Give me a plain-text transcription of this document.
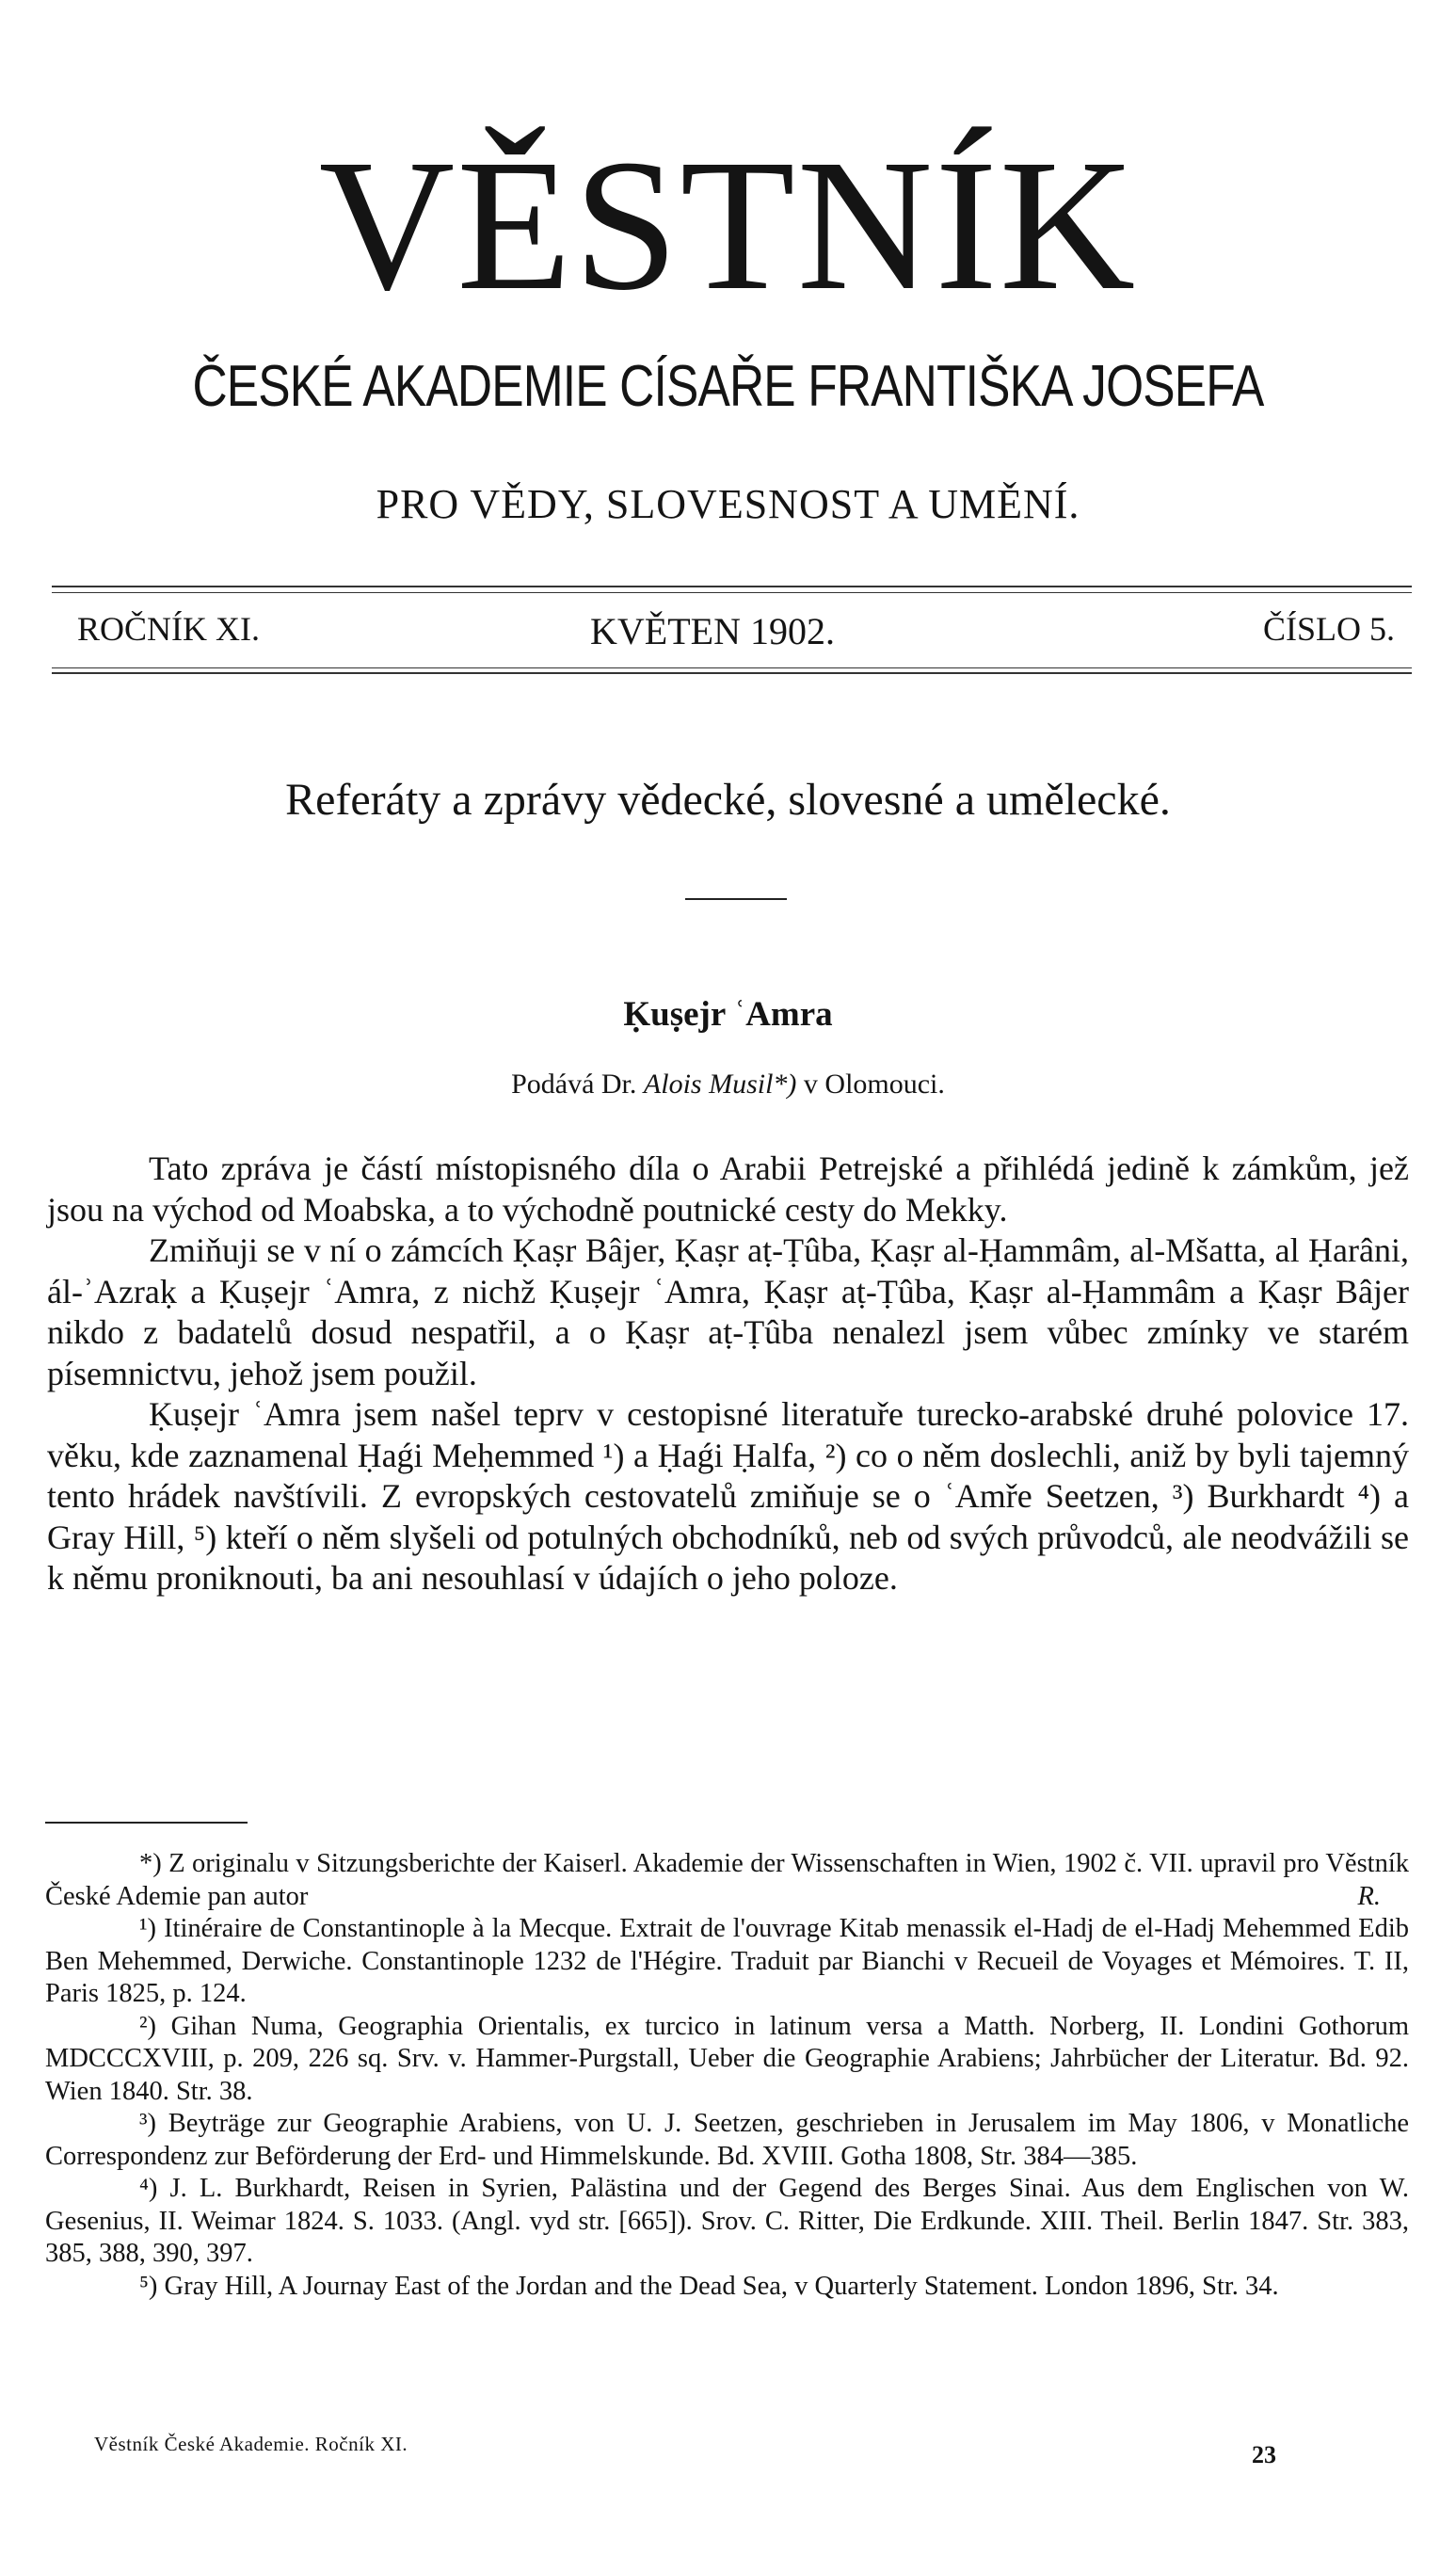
VĚSTNÍK
ČESKÉ AKADEMIE CÍSAŘE FRANTIŠKA JOSEFA
PRO VĚDY, SLOVESNOST A UMĚNÍ.
ROČNÍK XI.	KVĚTEN 1902.	ČÍSLO 5.
Referáty a zprávy vědecké, slovesné a umělecké.
Ḳuṣejr ʿAmra
Podává Dr. Alois Musil*) v Olomouci.

Tato zpráva je částí místopisného díla o Arabii Petrejské a přihlédá jedině k zámkům, jež jsou na východ od Moabska, a to východně poutnické cesty do Mekky.

Zmiňuji se v ní o zámcích Ḳaṣr Bâjer, Ḳaṣr aṭ-Ṭûba, Ḳaṣr al-Ḥammâm, al-Mšatta, al Ḥarâni, ál-ʾAzraḳ a Ḳuṣejr ʿAmra, z nichž Ḳuṣejr ʿAmra, Ḳaṣr aṭ-Ṭûba, Ḳaṣr al-Ḥammâm a Ḳaṣr Bâjer nikdo z badatelů dosud nespatřil, a o Ḳaṣr aṭ-Ṭûba nenalezl jsem vůbec zmínky ve starém písemnictvu, jehož jsem použil.

Ḳuṣejr ʿAmra jsem našel teprv v cestopisné literatuře turecko-arabské druhé polovice 17. věku, kde zaznamenal Ḥaǵi Meḥemmed ¹) a Ḥaǵi Ḥalfa, ²) co o něm doslechli, aniž by byli tajemný tento hrádek navštívili. Z evropských cestovatelů zmiňuje se o ʿAmře Seetzen, ³) Burkhardt ⁴) a Gray Hill, ⁵) kteří o něm slyšeli od potulných obchodníků, neb od svých průvodců, ale neodvážili se k němu proniknouti, ba ani nesouhlasí v údajích o jeho poloze.

*) Z originalu v Sitzungsberichte der Kaiserl. Akademie der Wissenschaften in Wien, 1902 č. VII. upravil pro Věstník České Ademie pan autor	R.

¹) Itinéraire de Constantinople à la Mecque. Extrait de l'ouvrage Kitab menassik el-Hadj de el-Hadj Mehemmed Edib Ben Mehemmed, Derwiche. Constantinople 1232 de l'Hégire. Traduit par Bianchi v Recueil de Voyages et Mémoires. T. II, Paris 1825, p. 124.

²) Gihan Numa, Geographia Orientalis, ex turcico in latinum versa a Matth. Norberg, II. Londini Gothorum MDCCCXVIII, p. 209, 226 sq. Srv. v. Hammer-Purgstall, Ueber die Geographie Arabiens; Jahrbücher der Literatur. Bd. 92. Wien 1840. Str. 38.

³) Beyträge zur Geographie Arabiens, von U. J. Seetzen, geschrieben in Jerusalem im May 1806, v Monatliche Correspondenz zur Beförderung der Erd- und Himmelskunde. Bd. XVIII. Gotha 1808, Str. 384—385.

⁴) J. L. Burkhardt, Reisen in Syrien, Palästina und der Gegend des Berges Sinai. Aus dem Englischen von W. Gesenius, II. Weimar 1824. S. 1033. (Angl. vyd str. [665]). Srov. C. Ritter, Die Erdkunde. XIII. Theil. Berlin 1847. Str. 383, 385, 388, 390, 397.

⁵) Gray Hill, A Journay East of the Jordan and the Dead Sea, v Quarterly Statement. London 1896, Str. 34.

Věstník České Akademie. Ročník XI.	23
